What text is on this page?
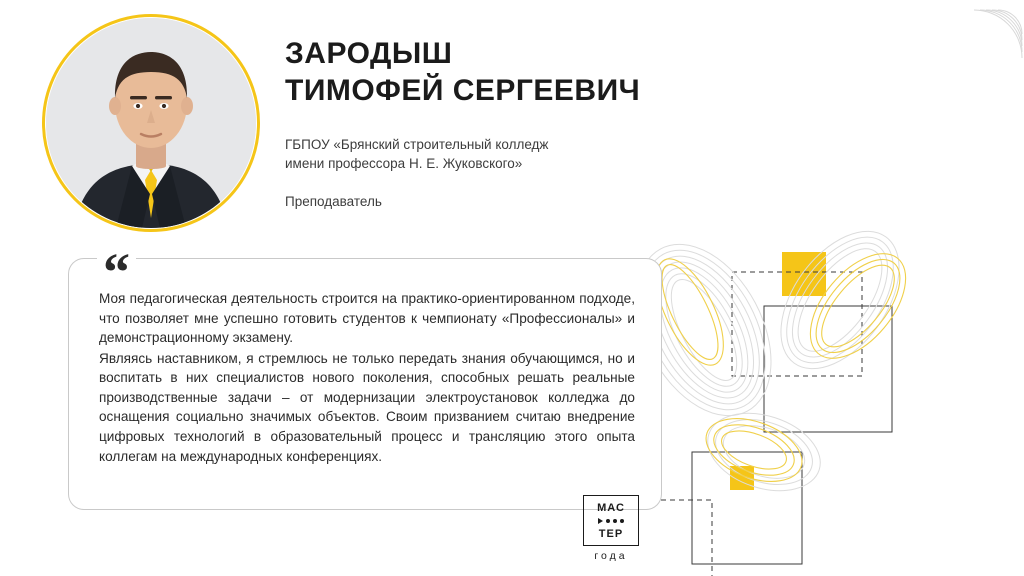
ЗАРОДЫШ
ТИМОФЕЙ СЕРГЕЕВИЧ
ГБПОУ «Брянский строительный колледж
имени профессора Н. Е. Жуковского»
Преподаватель
“

Моя педагогическая деятельность строится на практико-ориентированном подходе, что позволяет мне успешно готовить студентов к чемпионату «Профессионалы» и демонстрационному экзамену.

Являясь наставником, я стремлюсь не только передать знания обучающимся, но и воспитать в них специалистов нового поколения, способных решать реальные производственные задачи – от модернизации электроустановок колледжа до оснащения социально значимых объектов. Своим призванием считаю внедрение цифровых технологий в образовательный процесс и трансляцию этого опыта коллегам на международных конференциях.

МАС
ТЕР
года
